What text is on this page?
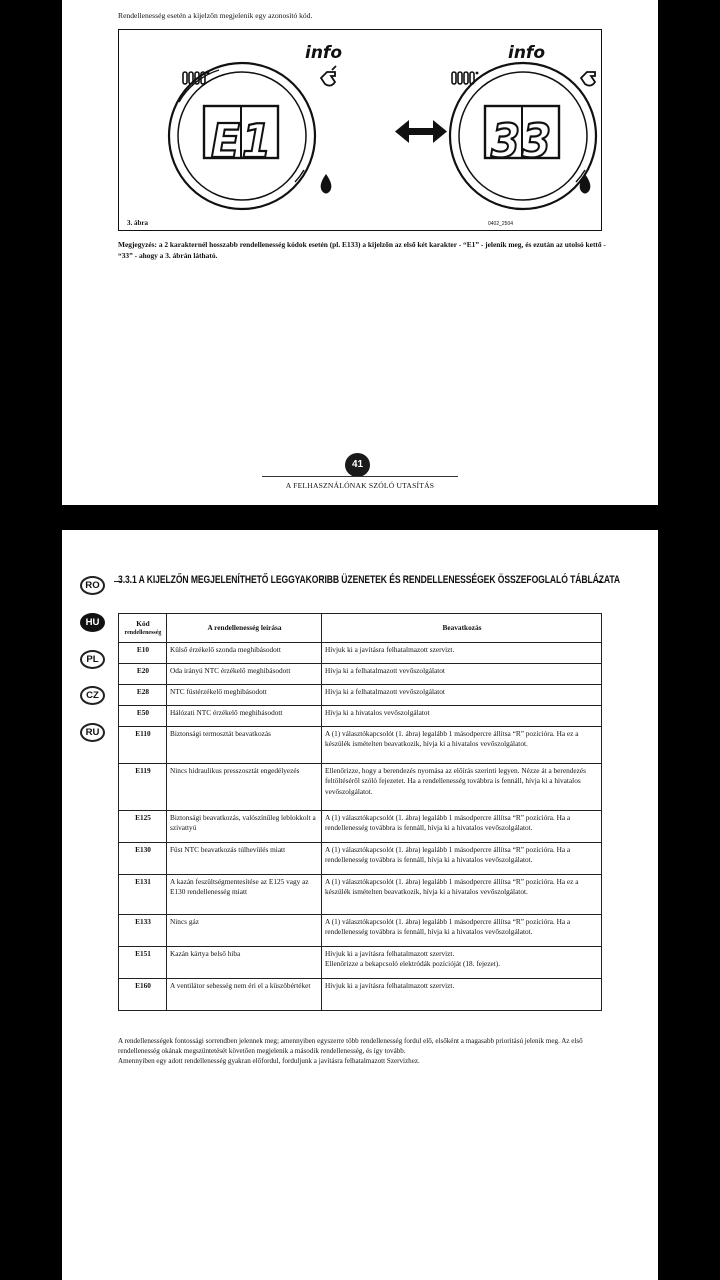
Rendellenesség esetén a kijelzőn megjelenik egy azonosító kód.
E1
info
33
info
3. ábra	0402_2504
Megjegyzés: a 2 karakternél hosszabb rendellenesség kódok esetén (pl. E133) a kijelzőn az első két karakter - “E1” - jelenik meg, és ezután az utolsó kettő - “33” - ahogy a 3. ábrán látható.
41
A FELHASZNÁLÓNAK SZÓLÓ UTASÍTÁS
3.3.1 A KIJELZŐN MEGJELENÍTHETŐ LEGGYAKORIBB ÜZENETEK ÉS RENDELLENESSÉGEK ÖSSZEFOGLALÓ TÁBLÁZATA
RO
HU
PL
CZ
RU
Kód
rendellenesség	A rendellenesség leírása	Beavatkozás
E10	Külső érzékelő szonda meghibásodott	Hívjuk ki a javításra felhatalmazott szervizt.
E20	Oda irányú NTC érzékelő meghibásodott	Hívja ki a felhatalmazott vevőszolgálatot
E28	NTC füstérzékelő meghibásodott	Hívja ki a felhatalmazott vevőszolgálatot
E50	Hálózati NTC érzékelő meghibásodott	Hívja ki a hivatalos vevőszolgálatot
E110	Biztonsági termosztát beavatkozás	A (1) választókapcsolót (1. ábra) legalább 1 másodpercre állítsa “R” pozícióra. Ha ez a készülék ismételten beavatkozik, hívja ki a hivatalos vevőszolgálatot.
E119	Nincs hidraulikus presszosztát engedélyezés	Ellenőrizze, hogy a berendezés nyomása az előírás szerinti legyen. Nézze át a berendezés feltöltéséről szóló fejezetet. Ha a rendellenesség továbbra is fennáll, hívja ki a hivatalos vevőszolgálatot.
E125	Biztonsági beavatkozás, valószínűleg leblokkolt a szivattyú	A (1) választókapcsolót (1. ábra) legalább 1 másodpercre állítsa “R” pozícióra. Ha a rendellenesség továbbra is fennáll, hívja ki a hivatalos vevőszolgálatot.
E130	Füst NTC beavatkozás túlhevülés miatt	A (1) választókapcsolót (1. ábra) legalább 1 másodpercre állítsa “R” pozícióra. Ha a rendellenesség továbbra is fennáll, hívja ki a hivatalos vevőszolgálatot.
E131	A kazán feszültségmentesítése az E125 vagy az E130 rendellenesség miatt	A (1) választókapcsolót (1. ábra) legalább 1 másodpercre állítsa “R” pozícióra. Ha ez a készülék ismételten beavatkozik, hívja ki a hivatalos vevőszolgálatot.
E133	Nincs gáz	A (1) választókapcsolót (1. ábra) legalább 1 másodpercre állítsa “R” pozícióra. Ha a rendellenesség továbbra is fennáll, hívja ki a hivatalos vevőszolgálatot.
E151	Kazán kártya belső hiba	Hívjuk ki a javításra felhatalmazott szervizt.
Ellenőrizze a bekapcsoló elektródák pozícióját (18. fejezet).
E160	A ventilátor sebesség nem éri el a küszöbértéket	Hívjuk ki a javításra felhatalmazott szervizt.
A rendellenességek fontossági sorrendben jelennek meg; amennyiben egyszerre több rendellenesség fordul elő, elsőként a magasabb prioritású jelenik meg. Az első rendellenesség okának megszüntetését követően megjelenik a második rendellenesség, és így tovább.
Amennyiben egy adott rendellenesség gyakran előfordul, forduljunk a javításra felhatalmazott Szervizhez.
